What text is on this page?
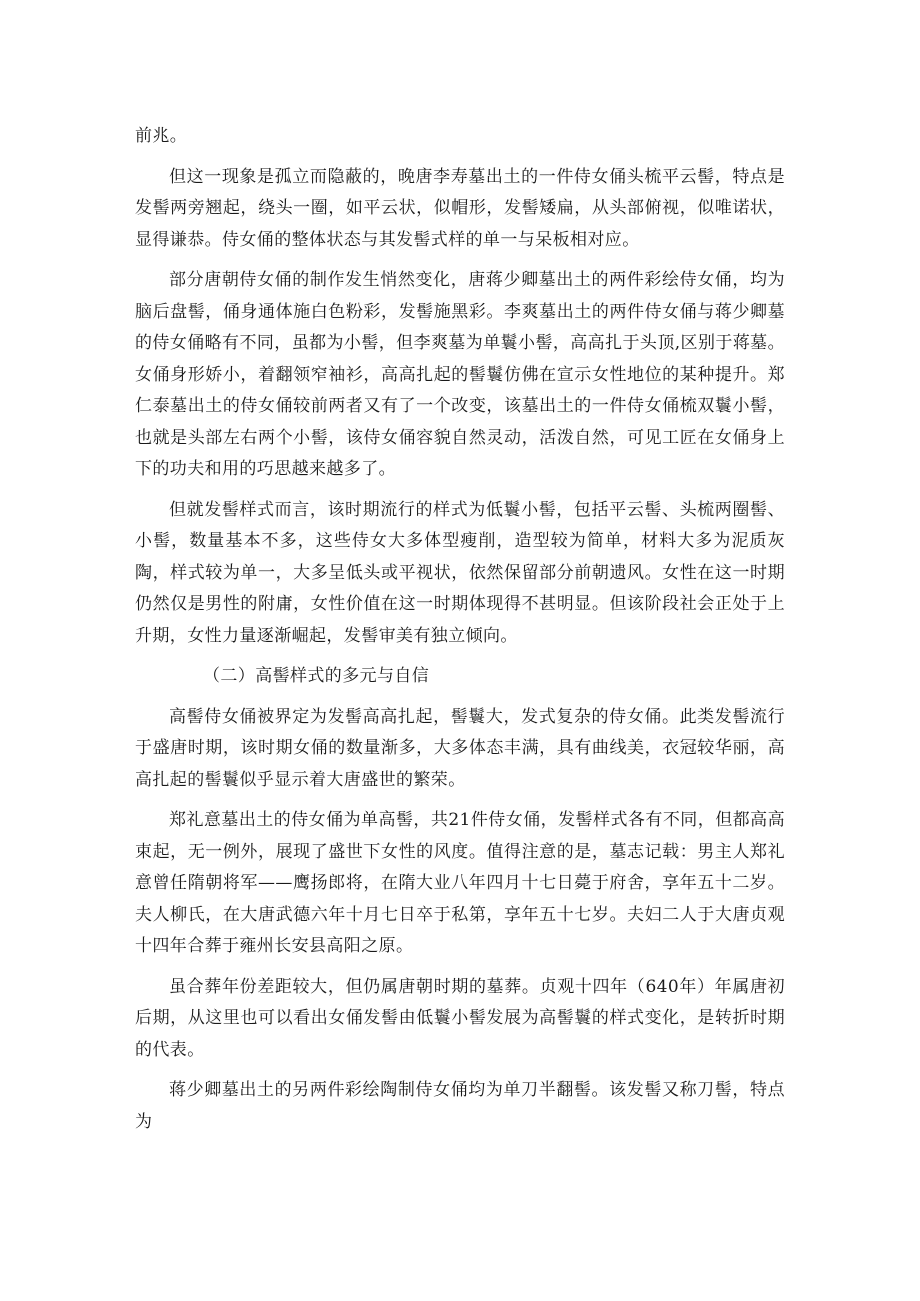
前兆。

但这一现象是孤立而隐蔽的，晚唐李寿墓出土的一件侍女俑头梳平云髻，特点是发髻两旁翘起，绕头一圈，如平云状，似帽形，发髻矮扁，从头部俯视，似唯诺状，显得谦恭。侍女俑的整体状态与其发髻式样的单一与呆板相对应。

部分唐朝侍女俑的制作发生悄然变化，唐蒋少卿墓出土的两件彩绘侍女俑，均为脑后盘髻，俑身通体施白色粉彩，发髻施黑彩。李爽墓出土的两件侍女俑与蒋少卿墓的侍女俑略有不同，虽都为小髻，但李爽墓为单鬟小髻，高高扎于头顶,区别于蒋墓。女俑身形娇小，着翻领窄袖衫，高高扎起的髻鬟仿佛在宣示女性地位的某种提升。郑仁泰墓出土的侍女俑较前两者又有了一个改变，该墓出土的一件侍女俑梳双鬟小髻，也就是头部左右两个小髻，该侍女俑容貌自然灵动，活泼自然，可见工匠在女俑身上下的功夫和用的巧思越来越多了。

但就发髻样式而言，该时期流行的样式为低鬟小髻，包括平云髻、头梳两圈髻、小髻，数量基本不多，这些侍女大多体型瘦削，造型较为简单，材料大多为泥质灰陶，样式较为单一，大多呈低头或平视状，依然保留部分前朝遗风。女性在这一时期仍然仅是男性的附庸，女性价值在这一时期体现得不甚明显。但该阶段社会正处于上升期，女性力量逐渐崛起，发髻审美有独立倾向。

（二）高髻样式的多元与自信

高髻侍女俑被界定为发髻高高扎起，髻鬟大，发式复杂的侍女俑。此类发髻流行于盛唐时期，该时期女俑的数量渐多，大多体态丰满，具有曲线美，衣冠较华丽，高高扎起的髻鬟似乎显示着大唐盛世的繁荣。

郑礼意墓出土的侍女俑为单高髻，共21件侍女俑，发髻样式各有不同，但都高高束起，无一例外，展现了盛世下女性的风度。值得注意的是，墓志记载：男主人郑礼意曾任隋朝将军——鹰扬郎将，在隋大业八年四月十七日薨于府舍，享年五十二岁。夫人柳氏，在大唐武德六年十月七日卒于私第，享年五十七岁。夫妇二人于大唐贞观十四年合葬于雍州长安县高阳之原。

虽合葬年份差距较大，但仍属唐朝时期的墓葬。贞观十四年（640年）年属唐初后期，从这里也可以看出女俑发髻由低鬟小髻发展为高髻鬟的样式变化，是转折时期的代表。

蒋少卿墓出土的另两件彩绘陶制侍女俑均为单刀半翻髻。该发髻又称刀髻，特点为
